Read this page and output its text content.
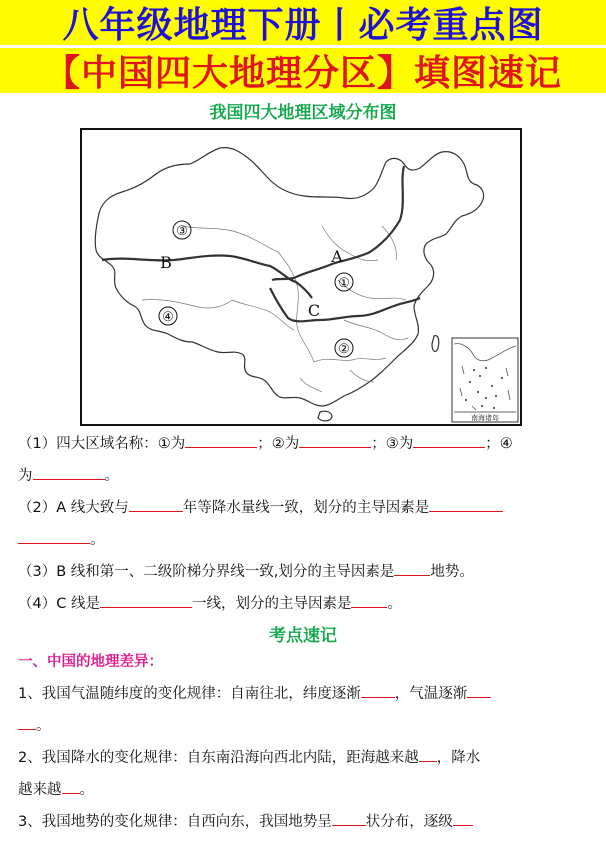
八年级地理下册丨必考重点图
【中国四大地理分区】填图速记
我国四大地理区域分布图
③
④
①
②
A
B
C
南海诸岛
（1）四大区域名称：①为	；②为	；③为	；④
为	。
（2）A 线大致与	年等降水量线一致，划分的主导因素是
。
（3）B 线和第一、二级阶梯分界线一致,划分的主导因素是 地势。
（4）C 线是	一线，划分的主导因素是 。
考点速记
一、中国的地理差异：
1、我国气温随纬度的变化规律：自南往北，纬度逐渐 ，气温逐渐
。
2、我国降水的变化规律：自东南沿海向西北内陆，距海越来越 ，降水
越来越 。
3、我国地势的变化规律：自西向东，我国地势呈 状分布，逐级
